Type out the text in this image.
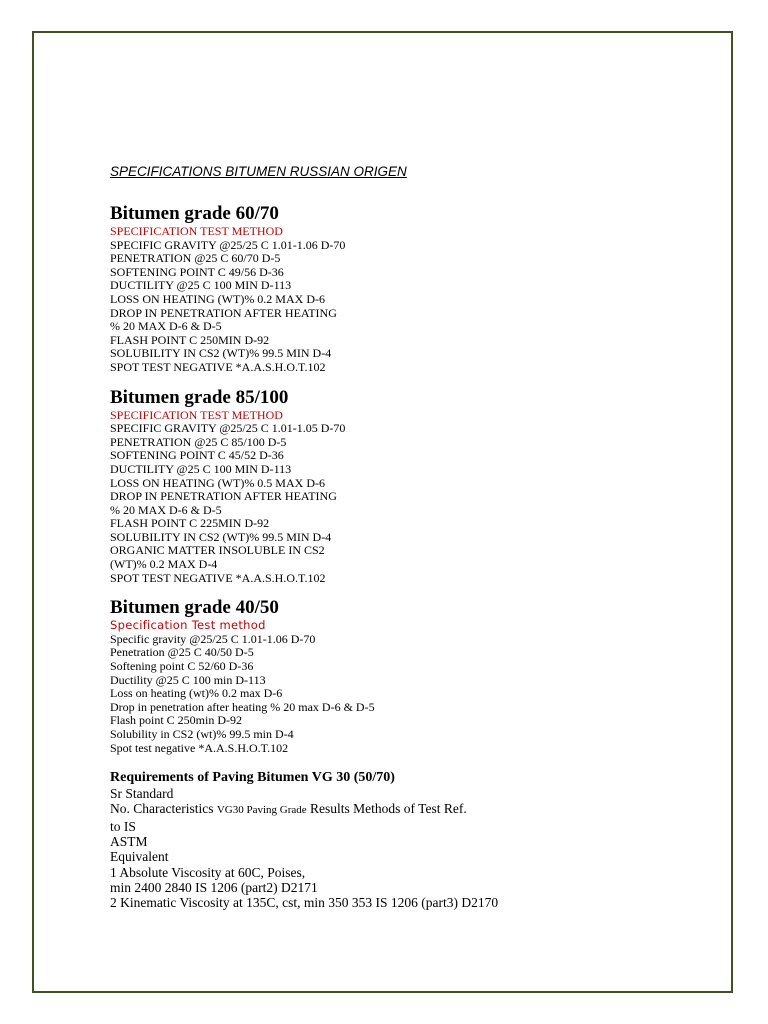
SPECIFICATIONS BITUMEN RUSSIAN ORIGEN

Bitumen grade 60/70

SPECIFICATION TEST METHOD

SPECIFIC GRAVITY @25/25 C 1.01-1.06 D-70
PENETRATION @25 C 60/70 D-5
SOFTENING POINT C 49/56 D-36
DUCTILITY @25 C 100 MIN D-113
LOSS ON HEATING (WT)% 0.2 MAX D-6
DROP IN PENETRATION AFTER HEATING
% 20 MAX D-6 & D-5
FLASH POINT C 250MIN D-92
SOLUBILITY IN CS2 (WT)% 99.5 MIN D-4
SPOT TEST NEGATIVE *A.A.S.H.O.T.102

Bitumen grade 85/100

SPECIFICATION TEST METHOD

SPECIFIC GRAVITY @25/25 C 1.01-1.05 D-70
PENETRATION @25 C 85/100 D-5
SOFTENING POINT C 45/52 D-36
DUCTILITY @25 C 100 MIN D-113
LOSS ON HEATING (WT)% 0.5 MAX D-6
DROP IN PENETRATION AFTER HEATING
% 20 MAX D-6 & D-5
FLASH POINT C 225MIN D-92
SOLUBILITY IN CS2 (WT)% 99.5 MIN D-4
ORGANIC MATTER INSOLUBLE IN CS2
(WT)% 0.2 MAX D-4
SPOT TEST NEGATIVE *A.A.S.H.O.T.102

Bitumen grade 40/50

Specification Test method

Specific gravity @25/25 C 1.01-1.06 D-70
Penetration @25 C 40/50 D-5
Softening point C 52/60 D-36
Ductility @25 C 100 min D-113
Loss on heating (wt)% 0.2 max D-6
Drop in penetration after heating % 20 max D-6 & D-5
Flash point C 250min D-92
Solubility in CS2 (wt)% 99.5 min D-4
Spot test negative *A.A.S.H.O.T.102

Requirements of Paving Bitumen VG 30 (50/70)

Sr Standard
No. Characteristics VG30 Paving Grade Results Methods of Test Ref.
to IS
ASTM
Equivalent
1 Absolute Viscosity at 60C, Poises,
min 2400 2840 IS 1206 (part2) D2171
2 Kinematic Viscosity at 135C, cst, min 350 353 IS 1206 (part3) D2170
